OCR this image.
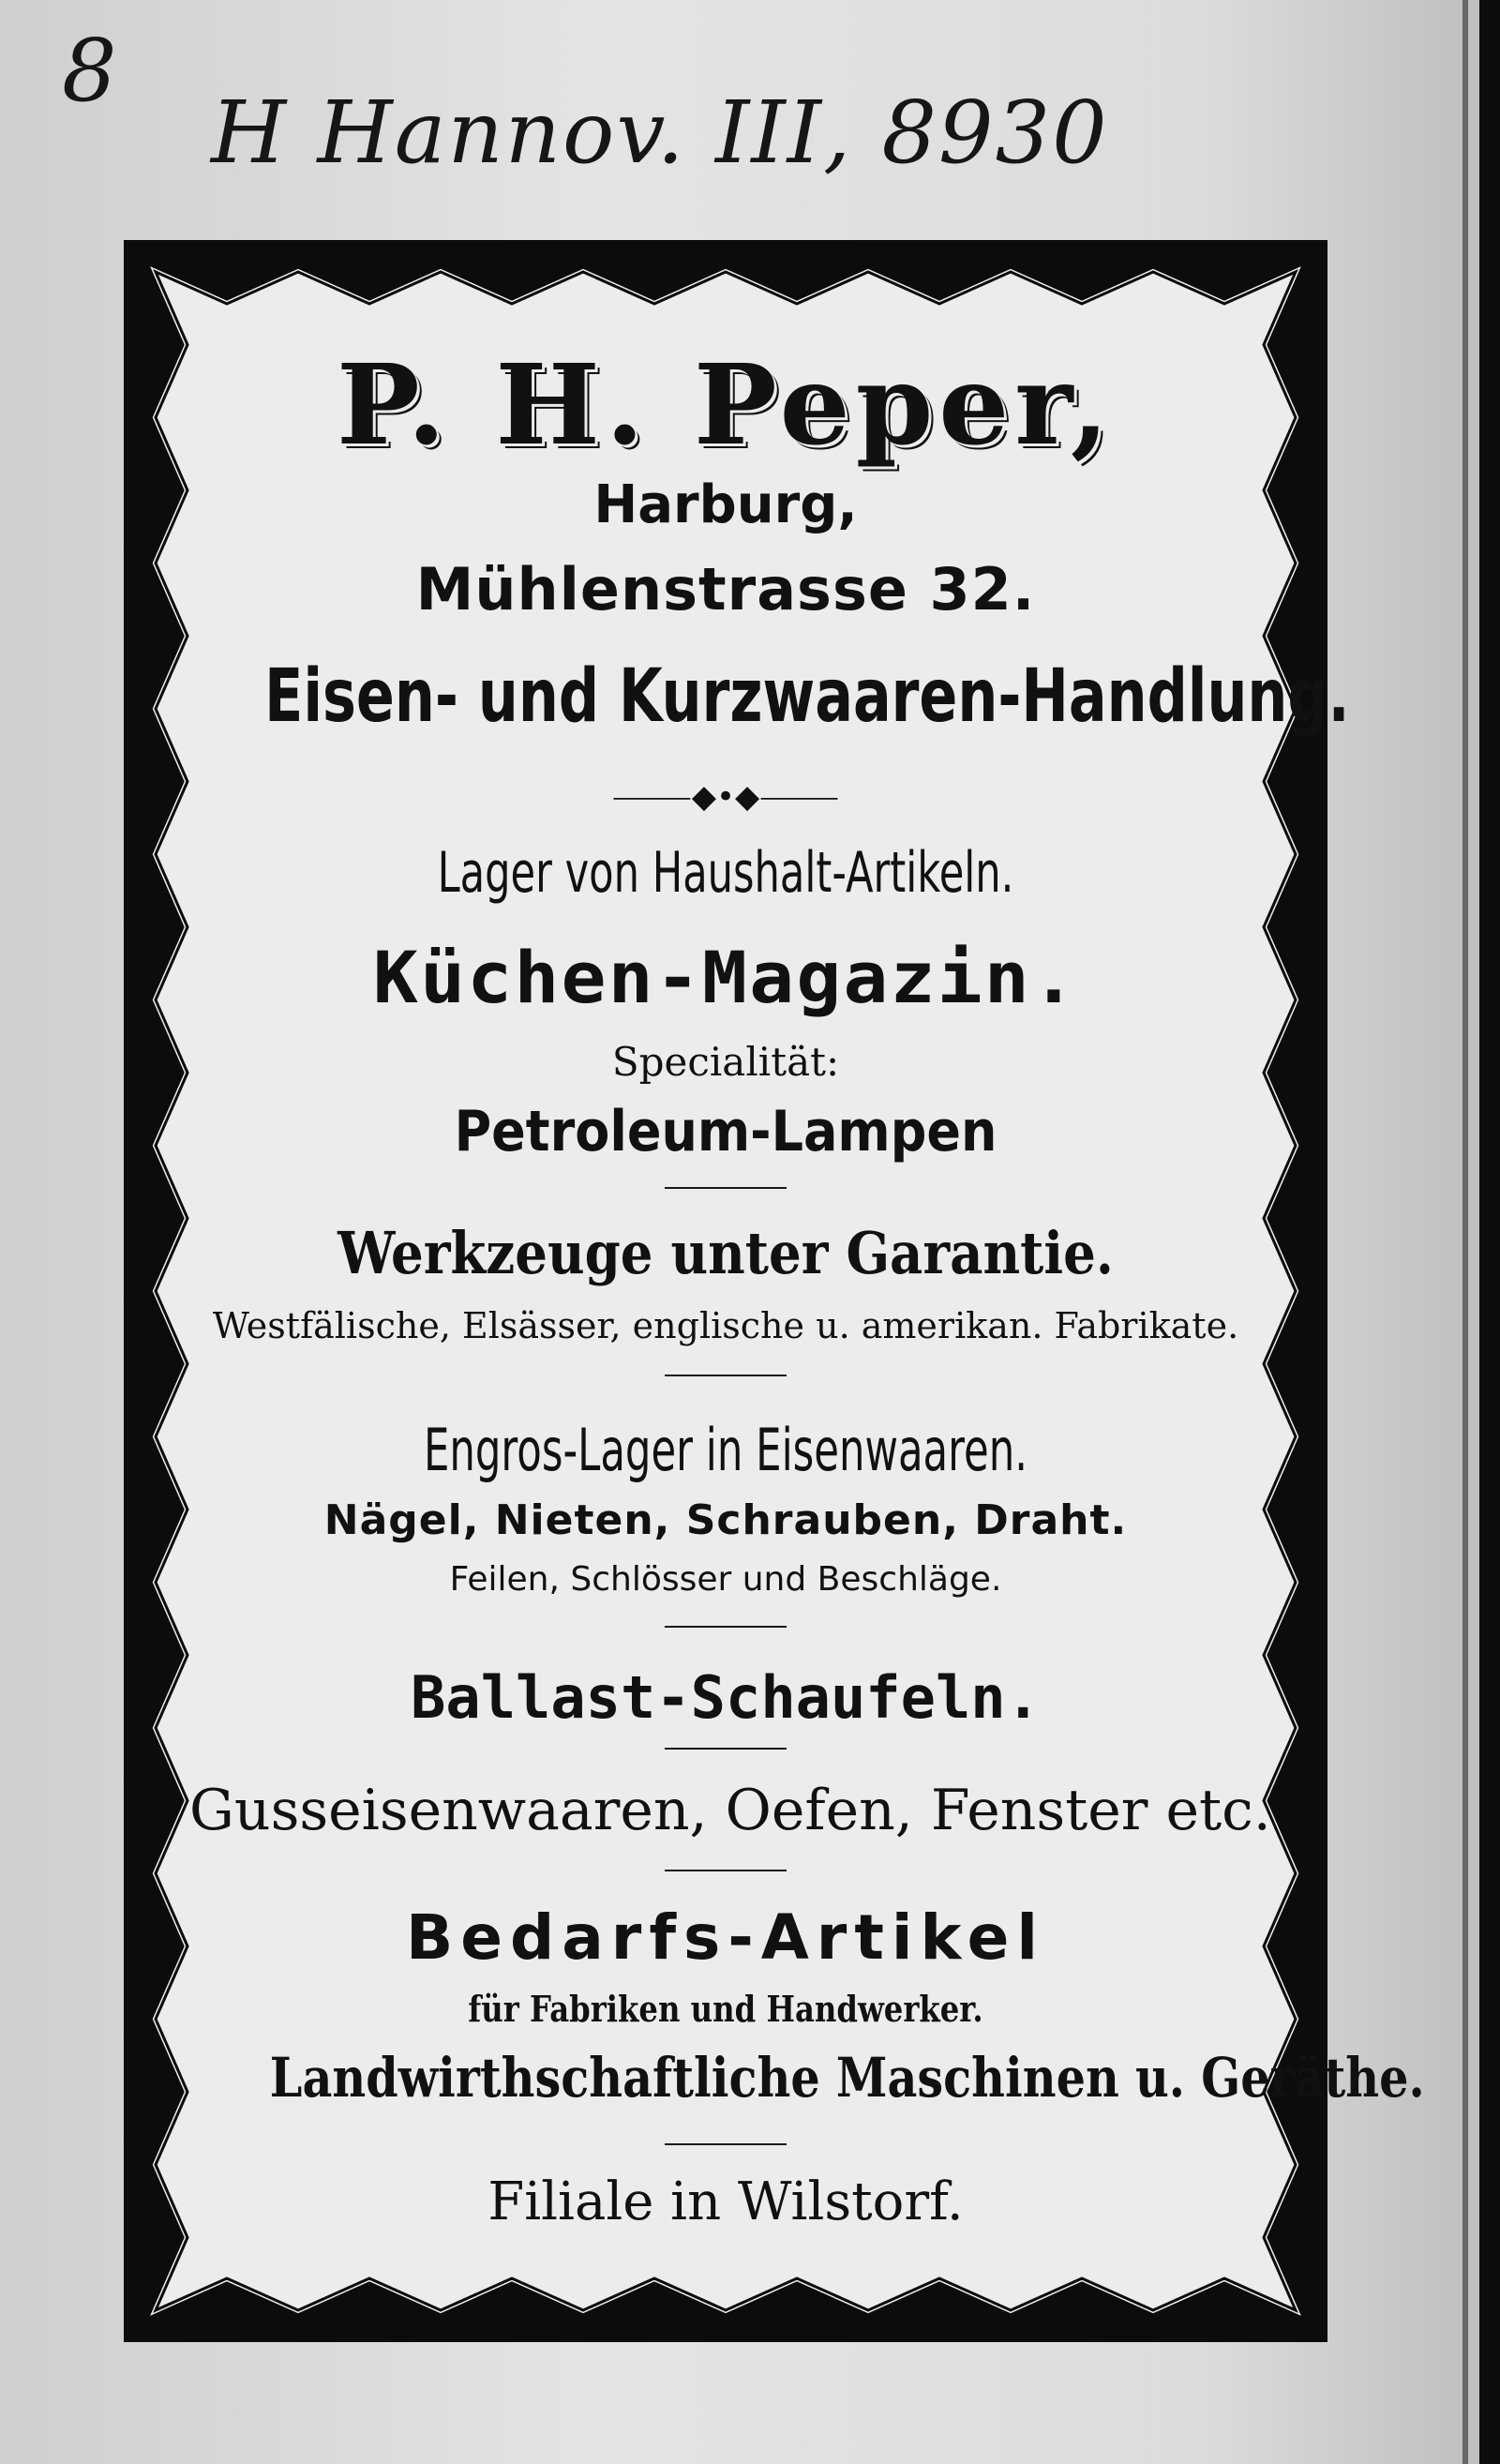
8
H Hannov. III, 8930
P. H. Peper,
Harburg,
Mühlenstrasse 32.
Eisen- und Kurzwaaren-Handlung.
⸻◆•◆⸻
Lager von Haushalt-Artikeln.
Küchen-Magazin.
Specialität:
Petroleum-Lampen
Werkzeuge unter Garantie.
Westfälische, Elsässer, englische u. amerikan. Fabrikate.
Engros-Lager in Eisenwaaren.
Nägel, Nieten, Schrauben, Draht.
Feilen, Schlösser und Beschläge.
Ballast-Schaufeln.
Gusseisenwaaren, Oefen, Fenster etc.
Bedarfs-Artikel
für Fabriken und Handwerker.
Landwirthschaftliche Maschinen u. Geräthe.
Filiale in Wilstorf.
